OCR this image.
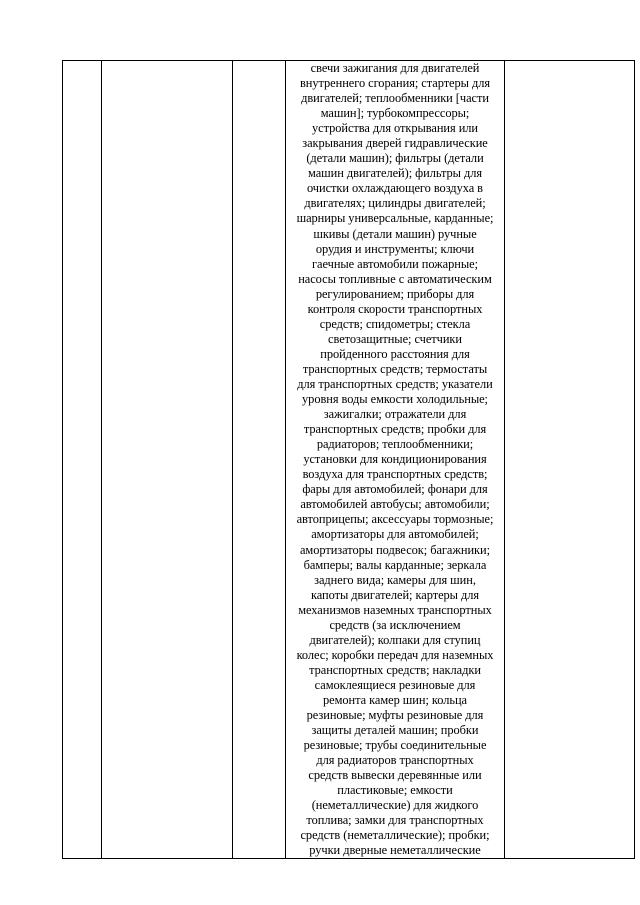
свечи зажигания для двигателей
внутреннего сгорания; стартеры для
двигателей; теплообменники [части
машин]; турбокомпрессоры;
устройства для открывания или
закрывания дверей гидравлические
(детали машин); фильтры (детали
машин двигателей); фильтры для
очистки охлаждающего воздуха в
двигателях; цилиндры двигателей;
шарниры универсальные, карданные;
шкивы (детали машин) ручные
орудия и инструменты; ключи
гаечные автомобили пожарные;
насосы топливные с автоматическим
регулированием; приборы для
контроля скорости транспортных
средств; спидометры; стекла
светозащитные; счетчики
пройденного расстояния для
транспортных средств; термостаты
для транспортных средств; указатели
уровня воды емкости холодильные;
зажигалки; отражатели для
транспортных средств; пробки для
радиаторов; теплообменники;
установки для кондиционирования
воздуха для транспортных средств;
фары для автомобилей; фонари для
автомобилей автобусы; автомобили;
автоприцепы; аксессуары тормозные;
амортизаторы для автомобилей;
амортизаторы подвесок; багажники;
бамперы; валы карданные; зеркала
заднего вида; камеры для шин,
капоты двигателей; картеры для
механизмов наземных транспортных
средств (за исключением
двигателей); колпаки для ступиц
колес; коробки передач для наземных
транспортных средств; накладки
самоклеящиеся резиновые для
ремонта камер шин; кольца
резиновые; муфты резиновые для
защиты деталей машин; пробки
резиновые; трубы соединительные
для радиаторов транспортных
средств вывески деревянные или
пластиковые; емкости
(неметаллические) для жидкого
топлива; замки для транспортных
средств (неметаллические); пробки;
ручки дверные неметаллические
